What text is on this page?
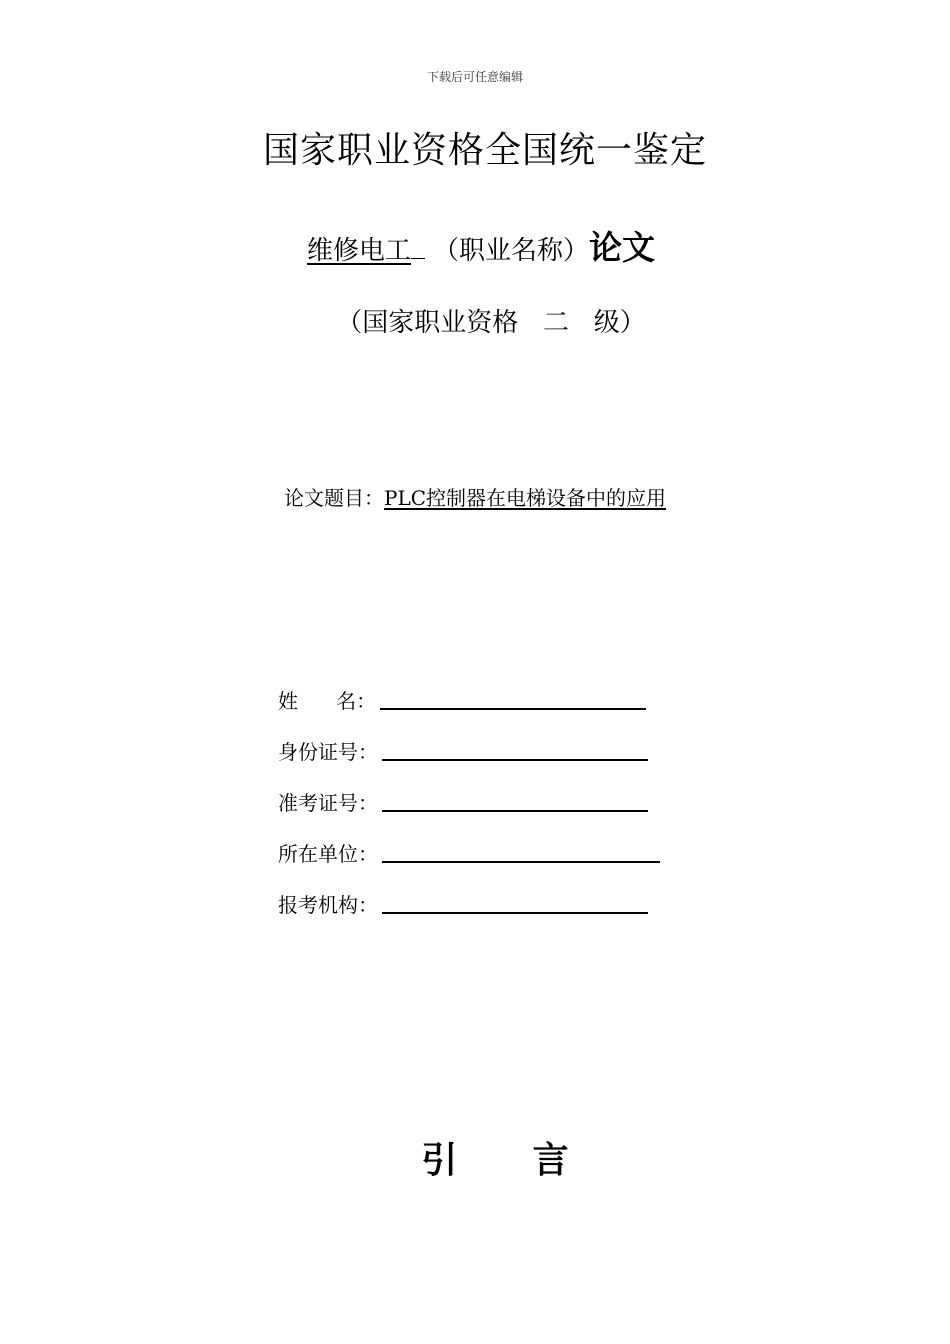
下载后可任意编辑
国家职业资格全国统一鉴定
维修电工 （职业名称）论文
（国家职业资格   二   级）
论文题目：PLC控制器在电梯设备中的应用
姓      名：
身份证号：
准考证号：
所在单位：
报考机构：
引      言
